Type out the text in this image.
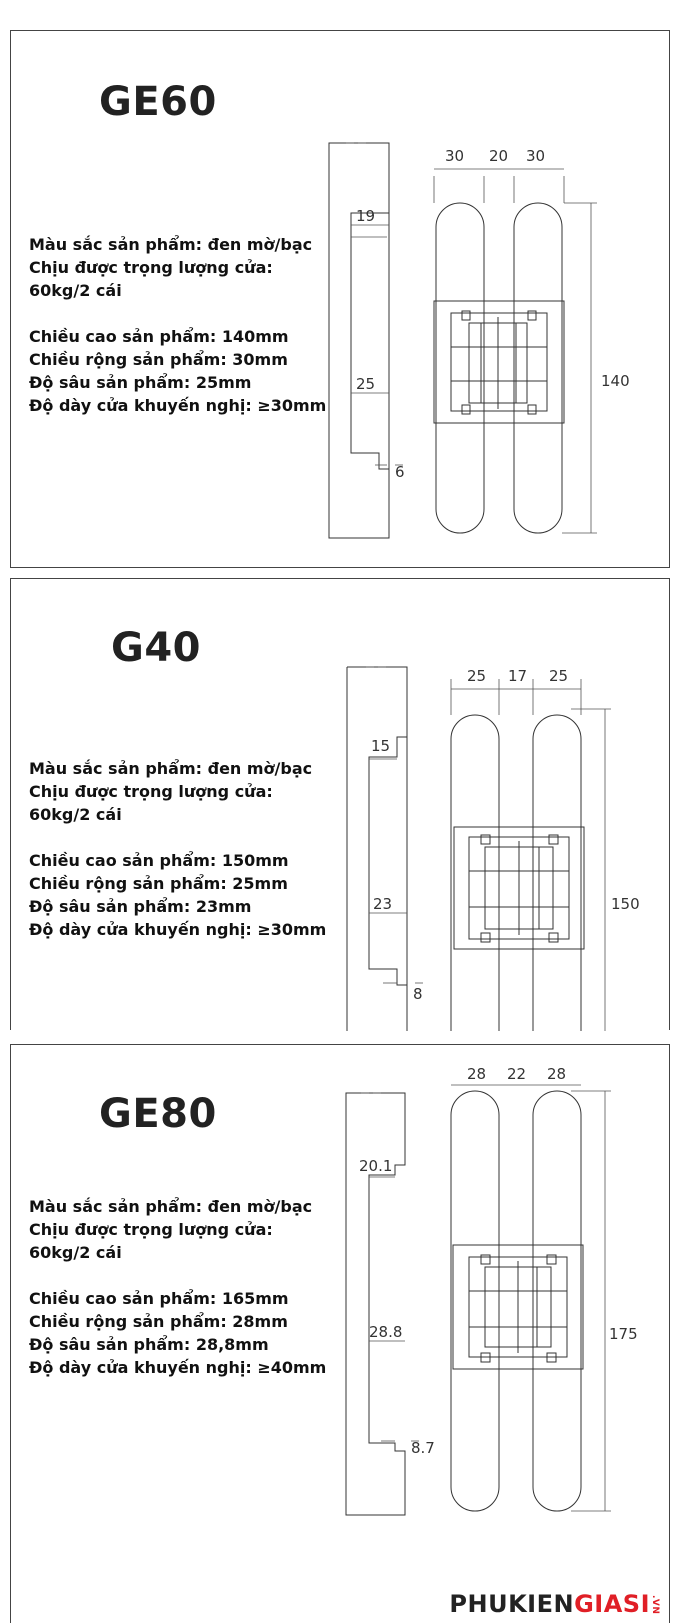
GE60
Màu sắc sản phẩm: đen mờ/bạc
Chịu được trọng lượng cửa:
60kg/2 cái
Chiều cao sản phẩm: 140mm
Chiều rộng sản phẩm: 30mm
Độ sâu sản phẩm: 25mm
Độ dày cửa khuyến nghị: ≥30mm
30 20 30
140
19
25
6
G40
Màu sắc sản phẩm: đen mờ/bạc
Chịu được trọng lượng cửa:
60kg/2 cái
Chiều cao sản phẩm: 150mm
Chiều rộng sản phẩm: 25mm
Độ sâu sản phẩm: 23mm
Độ dày cửa khuyến nghị: ≥30mm
25 17 25
150
15
23
8
GE80
Màu sắc sản phẩm: đen mờ/bạc
Chịu được trọng lượng cửa:
60kg/2 cái
Chiều cao sản phẩm: 165mm
Chiều rộng sản phẩm: 28mm
Độ sâu sản phẩm: 28,8mm
Độ dày cửa khuyến nghị: ≥40mm
28 22 28
175
20.1
28.8
8.7
PHUKIENGIASI.VN
